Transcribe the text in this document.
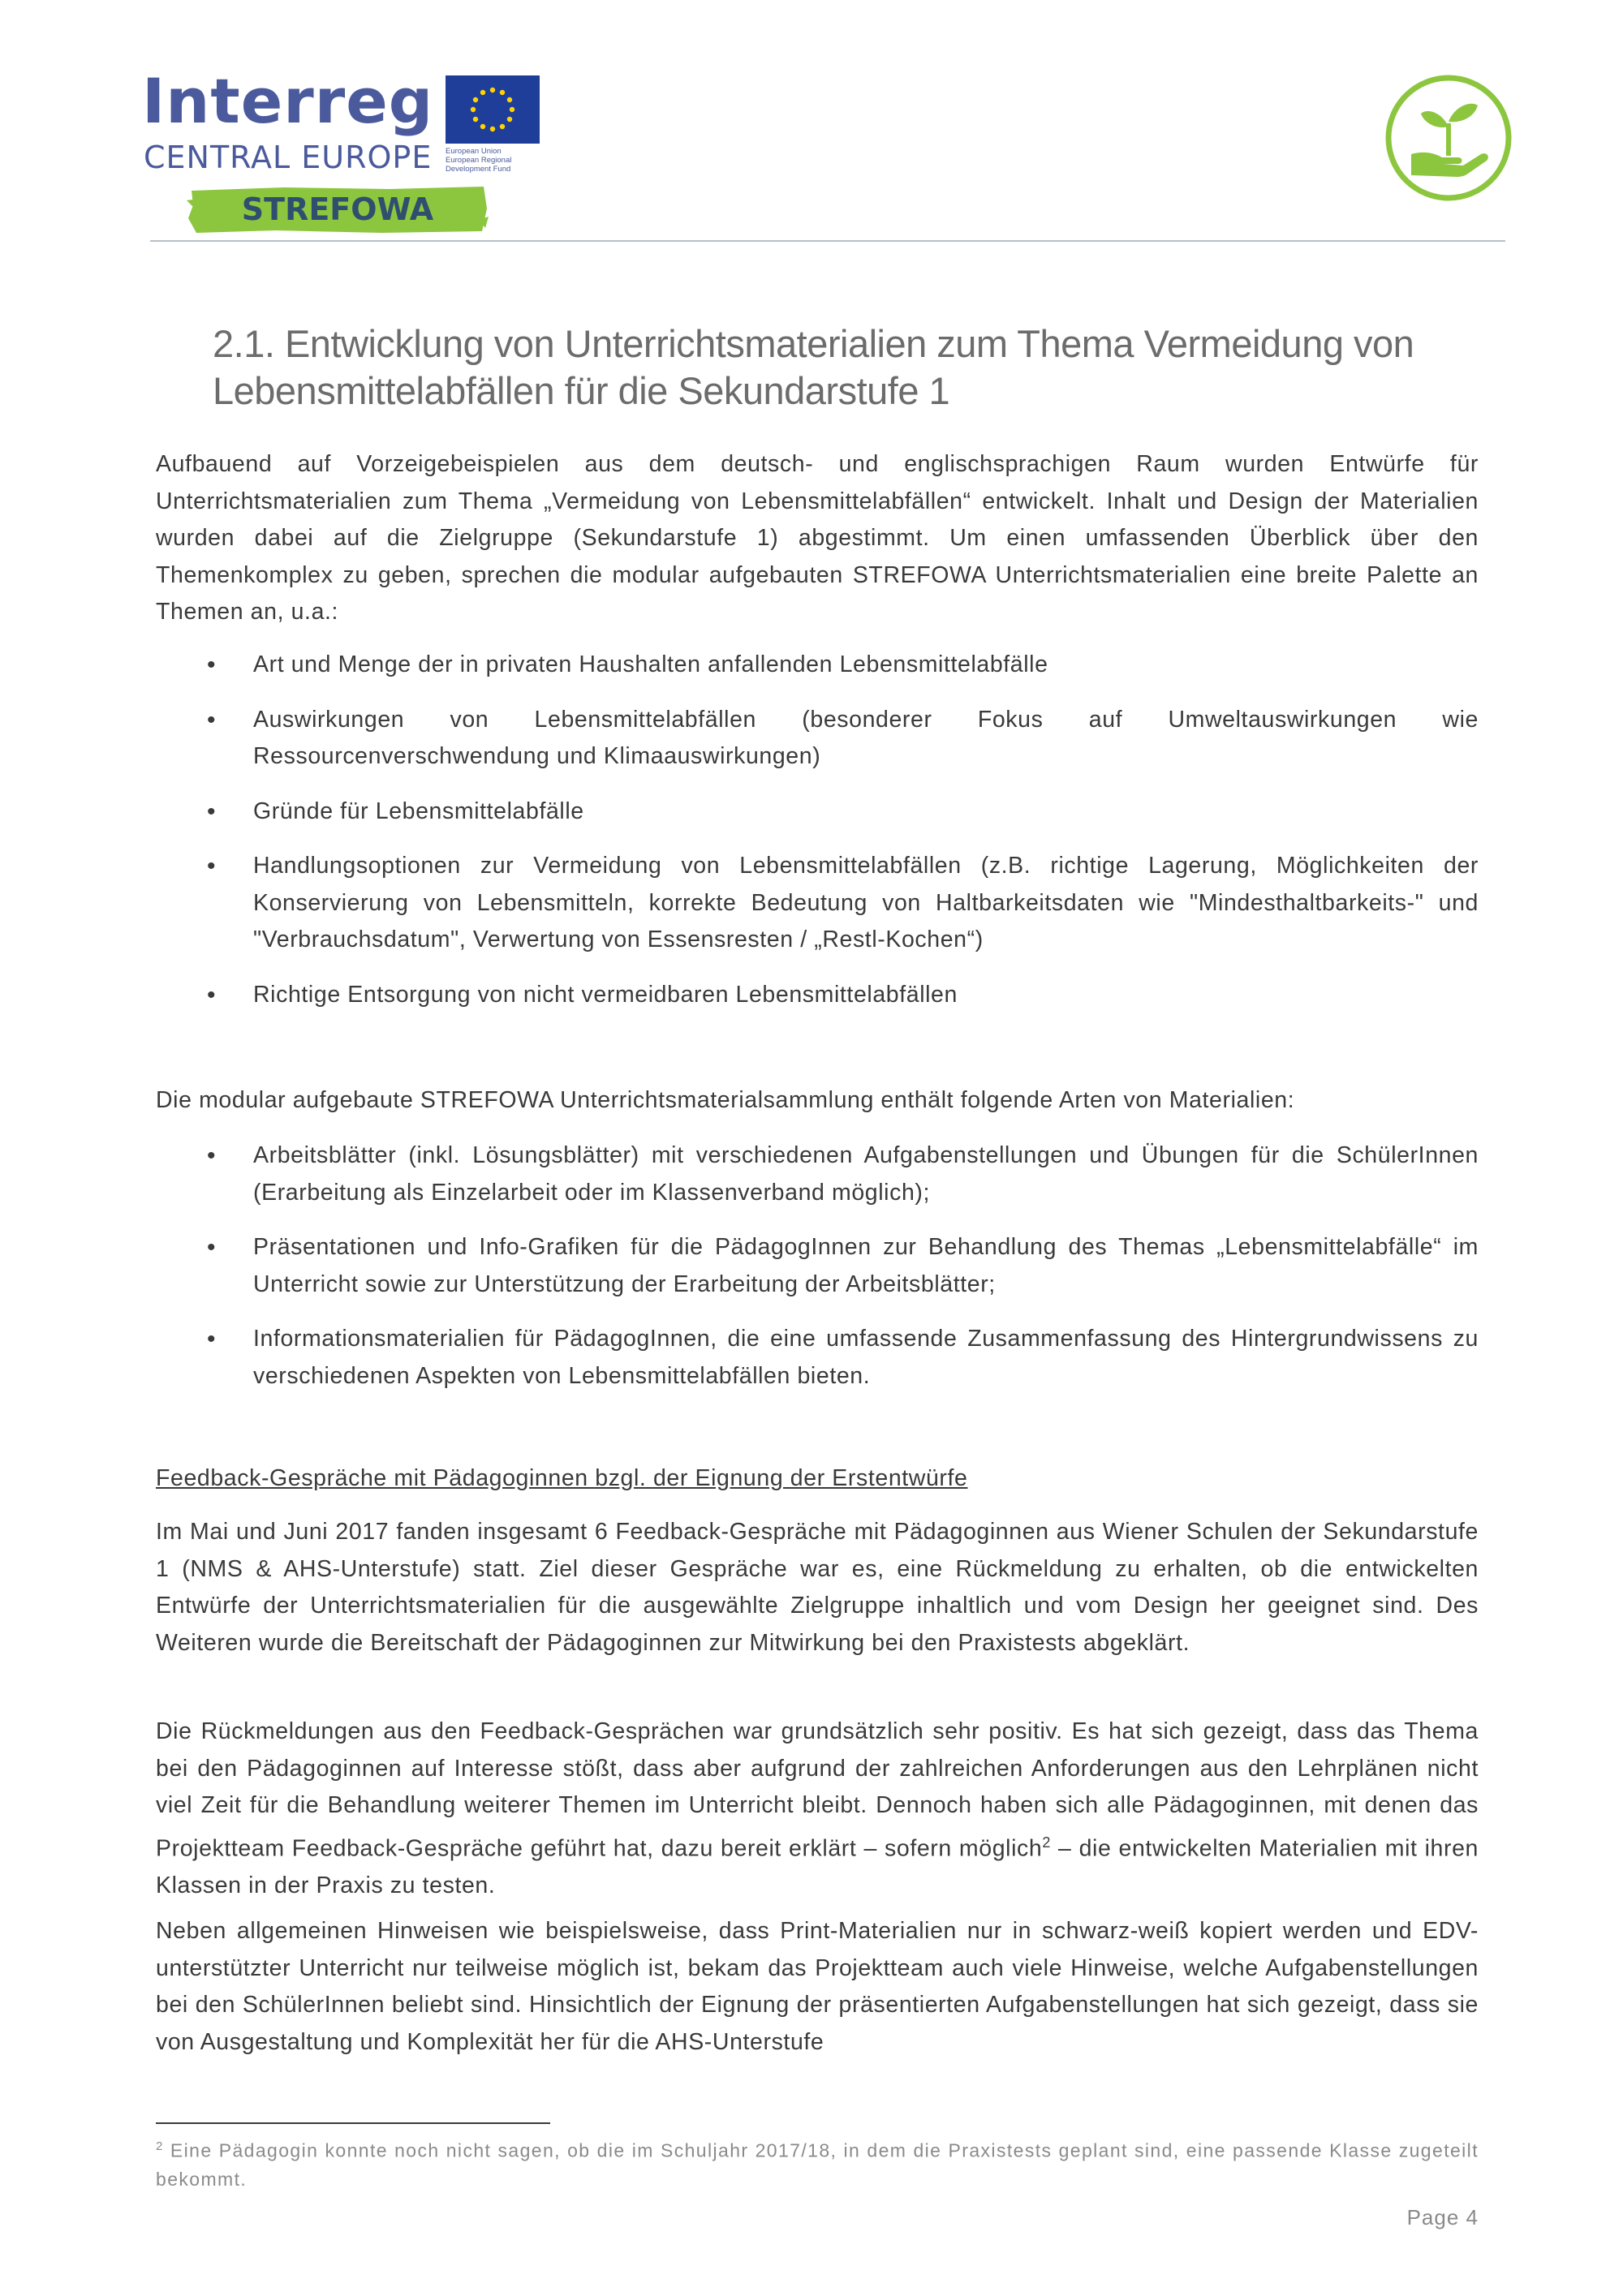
Interreg
European Union
European Regional
Development Fund
CENTRAL EUROPE
STREFOWA
2.1. Entwicklung von Unterrichtsmaterialien zum Thema Vermeidung von
Lebensmittelabfällen für die Sekundarstufe 1

Aufbauend auf Vorzeigebeispielen aus dem deutsch- und englischsprachigen Raum wurden Entwürfe für Unterrichtsmaterialien zum Thema „Vermeidung von Lebensmittelabfällen“ entwickelt. Inhalt und Design der Materialien wurden dabei auf die Zielgruppe (Sekundarstufe 1) abgestimmt. Um einen umfassenden Überblick über den Themenkomplex zu geben, sprechen die modular aufgebauten STREFOWA Unterrichtsmaterialien eine breite Palette an Themen an, u.a.:

•
Art und Menge der in privaten Haushalten anfallenden Lebensmittelabfälle
•
Auswirkungen von Lebensmittelabfällen (besonderer Fokus auf Umweltauswirkungen wie Ressourcenverschwendung und Klimaauswirkungen)
•
Gründe für Lebensmittelabfälle
•
Handlungsoptionen zur Vermeidung von Lebensmittelabfällen (z.B. richtige Lagerung, Möglichkeiten der Konservierung von Lebensmitteln, korrekte Bedeutung von Haltbarkeitsdaten wie "Mindesthaltbarkeits-" und "Verbrauchsdatum", Verwertung von Essensresten / „Restl-Kochen“)
•
Richtige Entsorgung von nicht vermeidbaren Lebensmittelabfällen

Die modular aufgebaute STREFOWA Unterrichtsmaterialsammlung enthält folgende Arten von Materialien:

•
Arbeitsblätter (inkl. Lösungsblätter) mit verschiedenen Aufgabenstellungen und Übungen für die SchülerInnen (Erarbeitung als Einzelarbeit oder im Klassenverband möglich);
•
Präsentationen und Info-Grafiken für die PädagogInnen zur Behandlung des Themas „Lebensmittelabfälle“ im Unterricht sowie zur Unterstützung der Erarbeitung der Arbeitsblätter;
•
Informationsmaterialien für PädagogInnen, die eine umfassende Zusammenfassung des Hintergrundwissens zu verschiedenen Aspekten von Lebensmittelabfällen bieten.
Feedback-Gespräche mit Pädagoginnen bzgl. der Eignung der Erstentwürfe

Im Mai und Juni 2017 fanden insgesamt 6 Feedback-Gespräche mit Pädagoginnen aus Wiener Schulen der Sekundarstufe 1 (NMS & AHS-Unterstufe) statt. Ziel dieser Gespräche war es, eine Rückmeldung zu erhalten, ob die entwickelten Entwürfe der Unterrichtsmaterialien für die ausgewählte Zielgruppe inhaltlich und vom Design her geeignet sind. Des Weiteren wurde die Bereitschaft der Pädagoginnen zur Mitwirkung bei den Praxistests abgeklärt.

Die Rückmeldungen aus den Feedback-Gesprächen war grundsätzlich sehr positiv. Es hat sich gezeigt, dass das Thema bei den Pädagoginnen auf Interesse stößt, dass aber aufgrund der zahlreichen Anforderungen aus den Lehrplänen nicht viel Zeit für die Behandlung weiterer Themen im Unterricht bleibt. Dennoch haben sich alle Pädagoginnen, mit denen das Projektteam Feedback-Gespräche geführt hat, dazu bereit erklärt – sofern möglich$^2$ – die entwickelten Materialien mit ihren Klassen in der Praxis zu testen.

Neben allgemeinen Hinweisen wie beispielsweise, dass Print-Materialien nur in schwarz-weiß kopiert werden und EDV-unterstützter Unterricht nur teilweise möglich ist, bekam das Projektteam auch viele Hinweise, welche Aufgabenstellungen bei den SchülerInnen beliebt sind. Hinsichtlich der Eignung der präsentierten Aufgabenstellungen hat sich gezeigt, dass sie von Ausgestaltung und Komplexität her für die AHS-Unterstufe

$^2$ Eine Pädagogin konnte noch nicht sagen, ob die im Schuljahr 2017/18, in dem die Praxistests geplant sind, eine passende Klasse zugeteilt bekommt.
Page 4
